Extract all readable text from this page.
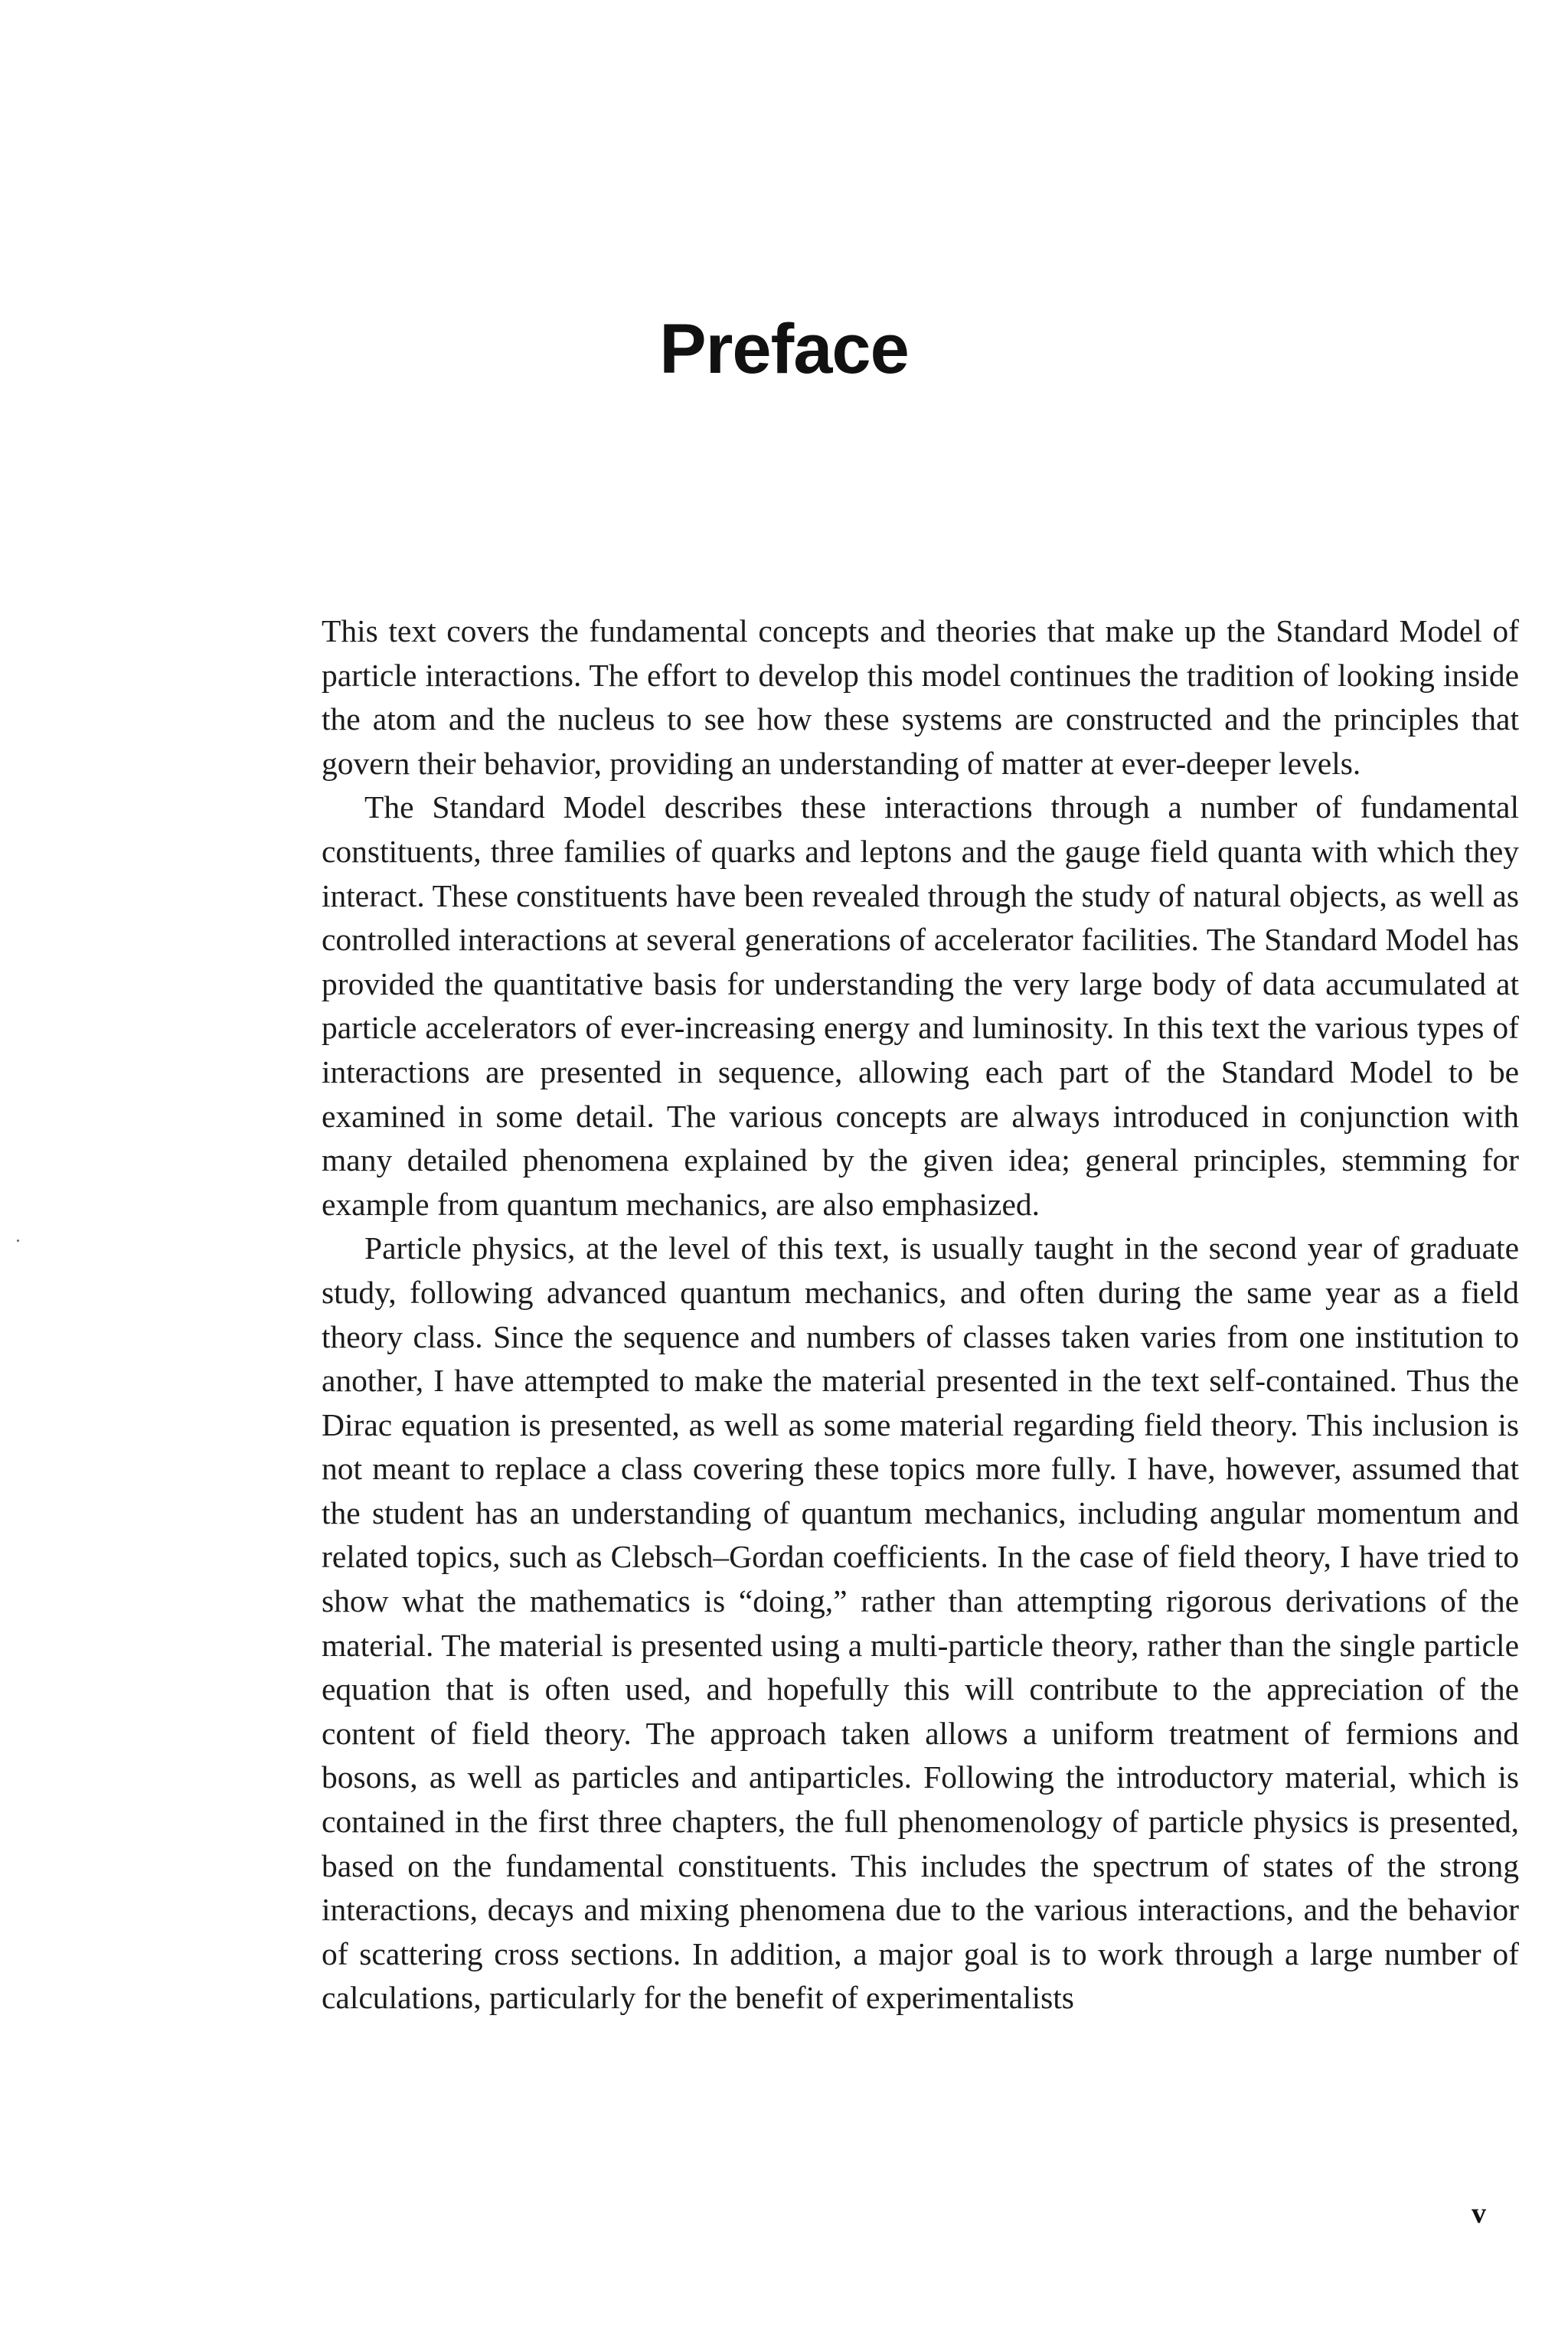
Preface

This text covers the fundamental concepts and theories that make up the Standard Model of particle interactions. The effort to develop this model continues the tradition of looking inside the atom and the nucleus to see how these systems are constructed and the principles that govern their behavior, providing an understanding of matter at ever-deeper levels.

The Standard Model describes these interactions through a number of fundamental constituents, three families of quarks and leptons and the gauge field quanta with which they interact. These constituents have been revealed through the study of natural objects, as well as controlled interactions at several generations of accelerator facilities. The Standard Model has provided the quantitative basis for understanding the very large body of data accumulated at particle accelerators of ever-increasing energy and luminosity. In this text the various types of interactions are presented in sequence, allowing each part of the Standard Model to be examined in some detail. The various concepts are always introduced in conjunction with many detailed phenomena explained by the given idea; general principles, stemming for example from quantum mechanics, are also emphasized.

Particle physics, at the level of this text, is usually taught in the second year of graduate study, following advanced quantum mechanics, and often during the same year as a field theory class. Since the sequence and numbers of classes taken varies from one institution to another, I have attempted to make the material presented in the text self-contained. Thus the Dirac equation is presented, as well as some material regarding field theory. This inclusion is not meant to replace a class covering these topics more fully. I have, however, assumed that the student has an understanding of quantum mechanics, including angular momentum and related topics, such as Clebsch–Gordan coefficients. In the case of field theory, I have tried to show what the mathematics is “doing,” rather than attempting rigorous derivations of the material. The material is presented using a multi-particle theory, rather than the single particle equation that is often used, and hopefully this will contribute to the appreciation of the content of field theory. The approach taken allows a uniform treatment of fermions and bosons, as well as particles and antiparticles. Following the introductory material, which is contained in the first three chapters, the full phenomenology of particle physics is presented, based on the fundamental constituents. This includes the spectrum of states of the strong interactions, decays and mixing phenomena due to the various interactions, and the behavior of scattering cross sections. In addition, a major goal is to work through a large number of calculations, particularly for the benefit of experimentalists

v
